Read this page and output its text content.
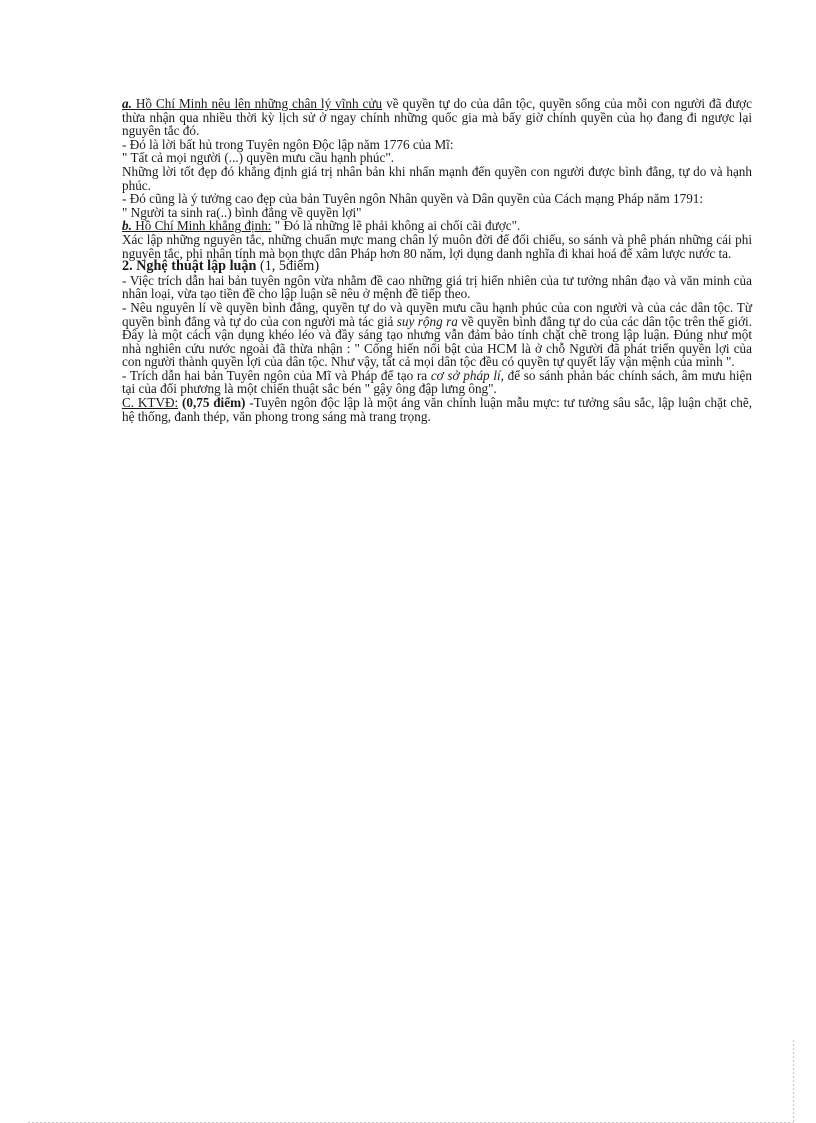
a. Hồ Chí Minh nêu lên những chân lý vĩnh cửu về quyền tự do của dân tộc, quyền sống của mỗi con người đã được thừa nhận qua nhiều thời kỳ lịch sử ở ngay chính những quốc gia mà bấy giờ chính quyền của họ đang đi ngược lại nguyên tắc đó.

- Đó là lời bất hủ trong Tuyên ngôn Độc lập năm 1776 của Mĩ:

" Tất cả mọi người (...) quyền mưu cầu hạnh phúc".

Những lời tốt đẹp đó khẳng định giá trị nhân bản khi nhấn mạnh đến quyền con người được bình đẳng, tự do và hạnh phúc.

- Đó cũng là ý tưởng cao đẹp của bản Tuyên ngôn Nhân quyền và Dân quyền của Cách mạng Pháp năm 1791:

" Người ta sinh ra(..) bình đẳng về quyền lợi"

b. Hồ Chí Minh khẳng định: " Đó là những lẽ phải không ai chối cãi được".

Xác lập những nguyên tắc, những chuẩn mực mang chân lý muôn đời để đối chiếu, so sánh và phê phán những cái phi nguyên tắc, phi nhân tính mà bọn thực dân Pháp hơn 80 năm, lợi dụng danh nghĩa đi khai hoá để xâm lược nước ta.

2. Nghệ thuật lập luận (1, 5điểm)

- Việc trích dẫn hai bản tuyên ngôn vừa nhằm đề cao những giá trị hiển nhiên của tư tưởng nhân đạo và văn minh của nhân loại, vừa tạo tiền đề cho lập luận sẽ nêu ở mệnh đề tiếp theo.

- Nêu nguyên lí về quyền bình đẳng, quyền tự do và quyền mưu cầu hạnh phúc của con người và của các dân tộc. Từ quyền bình đẳng và tự do của con người mà tác giả suy rộng ra về quyền bình đẳng tự do của các dân tộc trên thế giới. Đây là một cách vận dụng khéo léo và đầy sáng tạo nhưng vẫn đảm bảo tính chặt chẽ trong lập luận. Đúng như một nhà nghiên cứu nước ngoài đã thừa nhận : " Cống hiến nổi bật của HCM là ở chỗ Người đã phát triển quyền lợi của con người thành quyền lợi của dân tộc. Như vậy, tất cả mọi dân tộc đều có quyền tự quyết lấy vận mệnh của mình ".

- Trích dẫn hai bản Tuyên ngôn của Mĩ và Pháp để tạo ra cơ sở pháp lí, để so sánh phản bác chính sách, âm mưu hiện tại của đối phương là một chiến thuật sắc bén " gậy ông đập lưng ông".

C. KTVĐ: (0,75 điểm) -Tuyên ngôn độc lập là một áng văn chính luận mẫu mực: tư tưởng sâu sắc, lập luận chặt chẽ, hệ thống, đanh thép, văn phong trong sáng mà trang trọng.
